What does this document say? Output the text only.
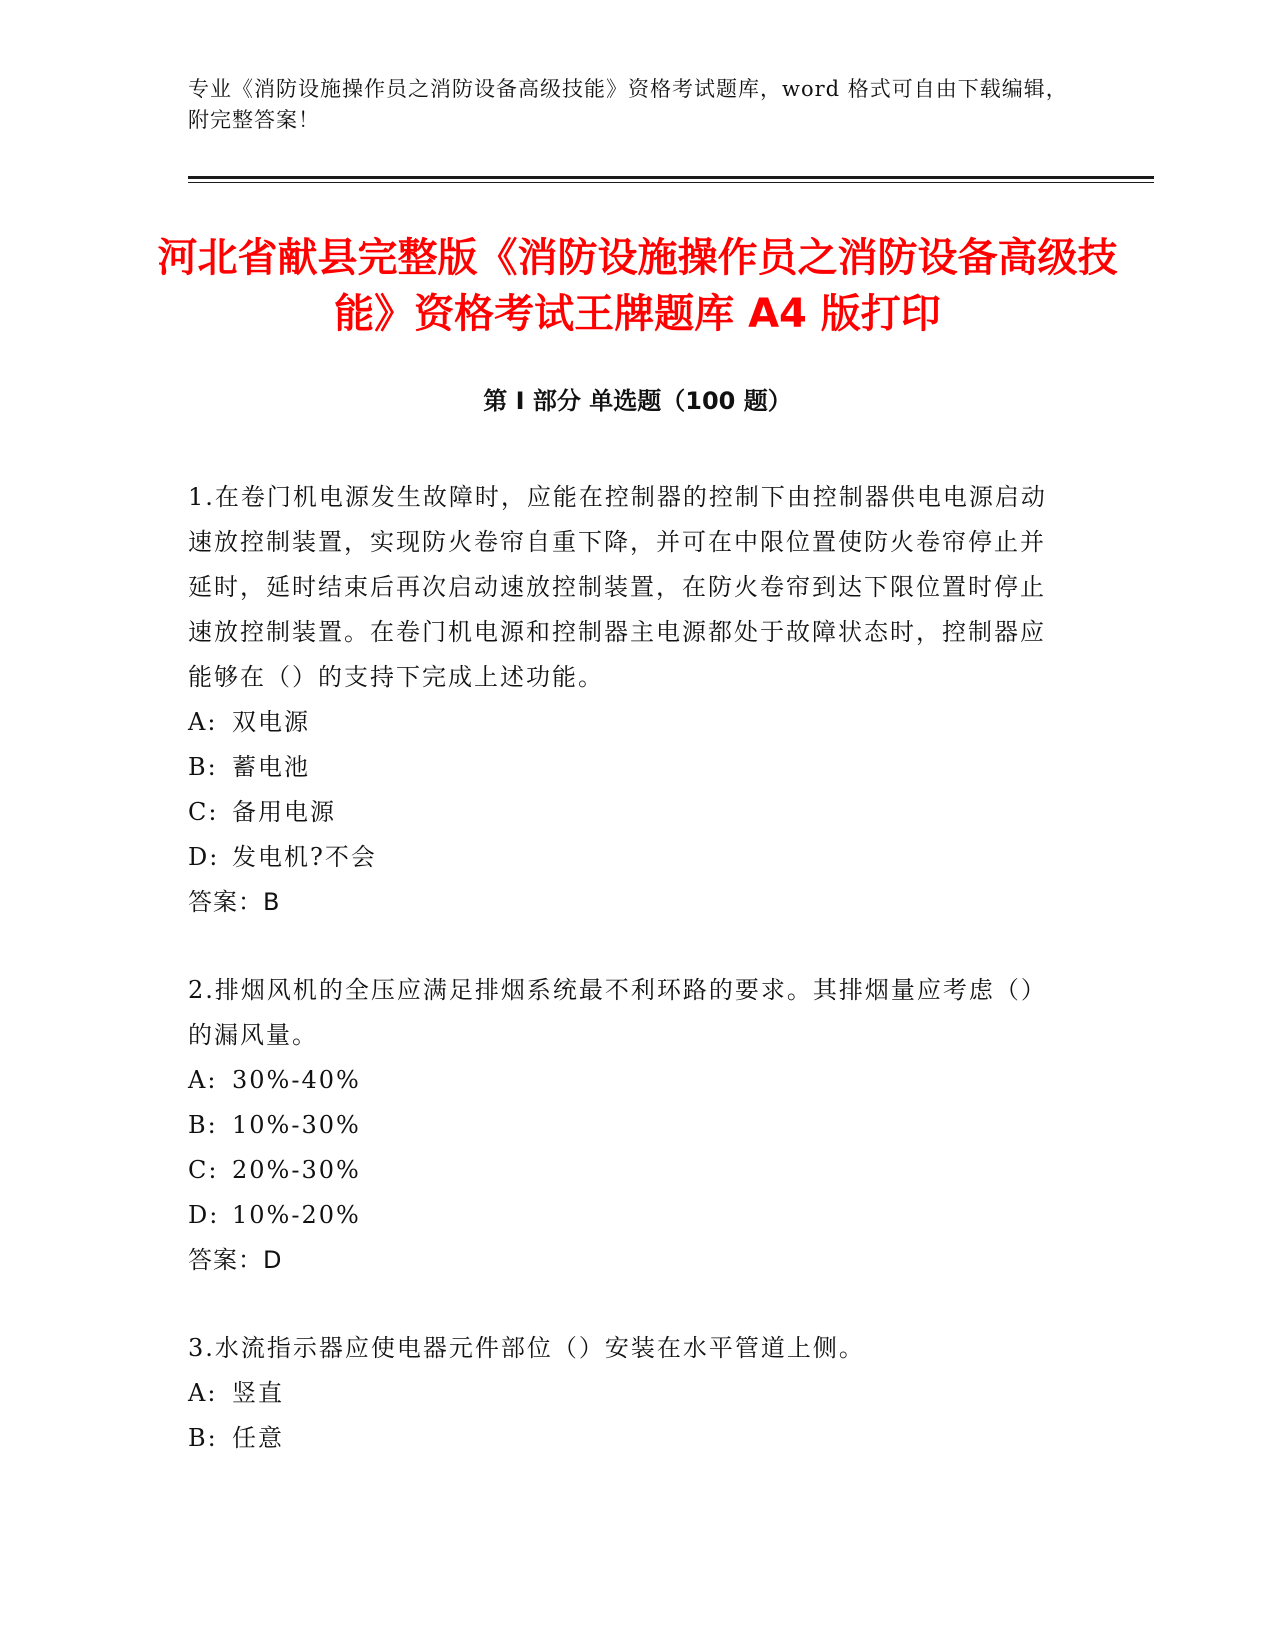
专业《消防设施操作员之消防设备高级技能》资格考试题库，word 格式可自由下载编辑，附完整答案！
河北省献县完整版《消防设施操作员之消防设备高级技能》资格考试王牌题库 A4 版打印
第 I 部分 单选题（100 题）

1.在卷门机电源发生故障时，应能在控制器的控制下由控制器供电电源启动速放控制装置，实现防火卷帘自重下降，并可在中限位置使防火卷帘停止并延时，延时结束后再次启动速放控制装置，在防火卷帘到达下限位置时停止速放控制装置。在卷门机电源和控制器主电源都处于故障状态时，控制器应能够在（）的支持下完成上述功能。

A: 双电源
B: 蓄电池
C: 备用电源
D: 发电机?不会
答案：B

2.排烟风机的全压应满足排烟系统最不利环路的要求。其排烟量应考虑（）的漏风量。

A: 30%-40%
B: 10%-30%
C: 20%-30%
D: 10%-20%
答案：D

3.水流指示器应使电器元件部位（）安装在水平管道上侧。

A: 竖直
B: 任意
